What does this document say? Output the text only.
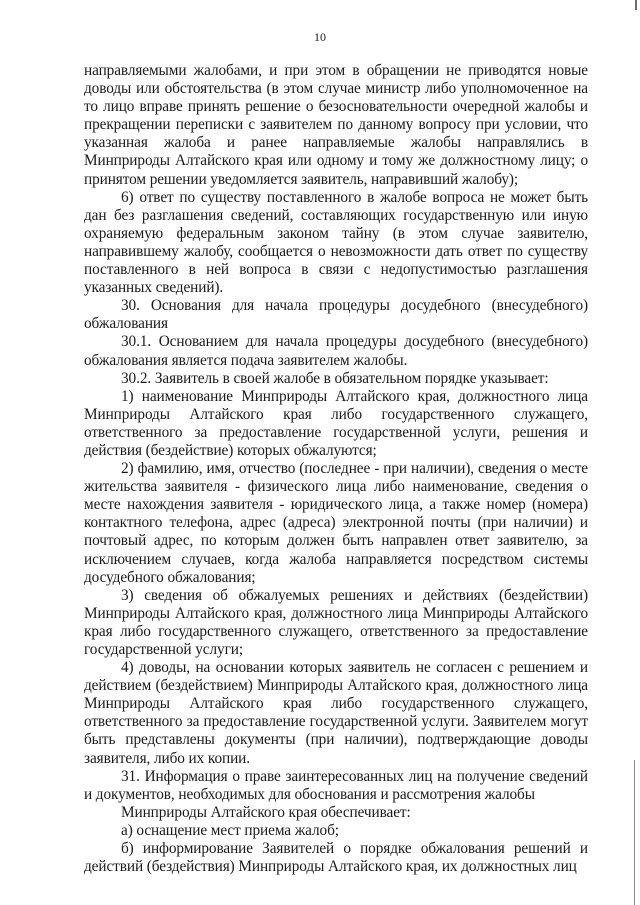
10

направляемыми жалобами, и при этом в обращении не приводятся новые доводы или обстоятельства (в этом случае министр либо уполномоченное на то лицо вправе принять решение о безосновательности очередной жалобы и прекращении переписки с заявителем по данному вопросу при условии, что указанная жалоба и ранее направляемые жалобы направлялись в Минприроды Алтайского края или одному и тому же должностному лицу; о принятом решении уведомляется заявитель, направивший жалобу);

6) ответ по существу поставленного в жалобе вопроса не может быть дан без разглашения сведений, составляющих государственную или иную охраняемую федеральным законом тайну (в этом случае заявителю, направившему жалобу, сообщается о невозможности дать ответ по существу поставленного в ней вопроса в связи с недопустимостью разглашения указанных сведений).

30. Основания для начала процедуры досудебного (внесудебного) обжалования

30.1. Основанием для начала процедуры досудебного (внесудебного) обжалования является подача заявителем жалобы.

30.2. Заявитель в своей жалобе в обязательном порядке указывает:

1) наименование Минприроды Алтайского края, должностного лица Минприроды Алтайского края либо государственного служащего, ответственного за предоставление государственной услуги, решения и действия (бездействие) которых обжалуются;

2) фамилию, имя, отчество (последнее - при наличии), сведения о месте жительства заявителя - физического лица либо наименование, сведения о месте нахождения заявителя - юридического лица, а также номер (номера) контактного телефона, адрес (адреса) электронной почты (при наличии) и почтовый адрес, по которым должен быть направлен ответ заявителю, за исключением случаев, когда жалоба направляется посредством системы досудебного обжалования;

3) сведения об обжалуемых решениях и действиях (бездействии) Минприроды Алтайского края, должностного лица Минприроды Алтайского края либо государственного служащего, ответственного за предоставление государственной услуги;

4) доводы, на основании которых заявитель не согласен с решением и действием (бездействием) Минприроды Алтайского края, должностного лица Минприроды Алтайского края либо государственного служащего, ответственного за предоставление государственной услуги. Заявителем могут быть представлены документы (при наличии), подтверждающие доводы заявителя, либо их копии.

31. Информация о праве заинтересованных лиц на получение сведений и документов, необходимых для обоснования и рассмотрения жалобы

Минприроды Алтайского края обеспечивает:

а) оснащение мест приема жалоб;

б) информирование Заявителей о порядке обжалования решений и действий (бездействия) Минприроды Алтайского края, их должностных лиц
